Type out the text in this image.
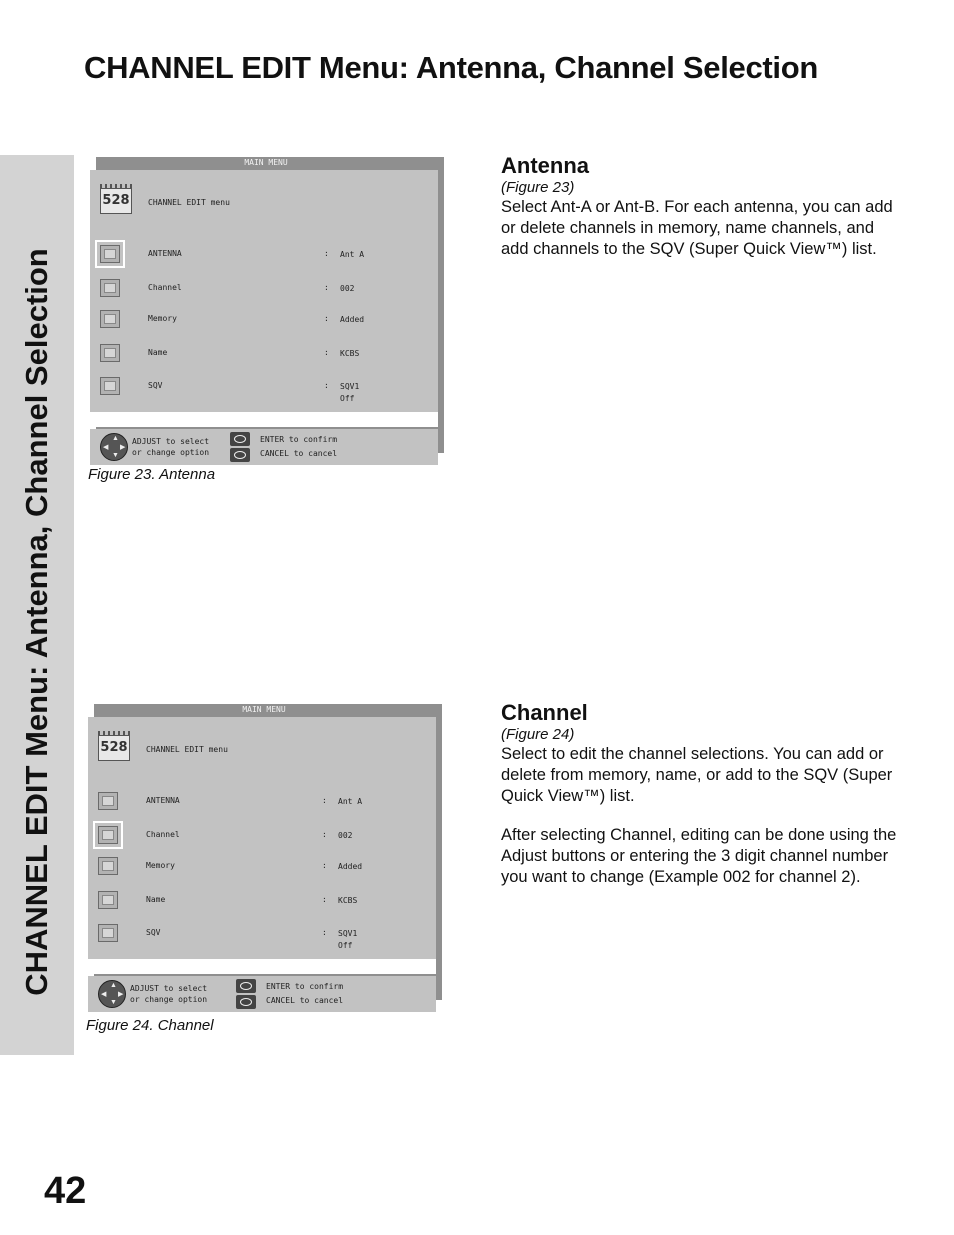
CHANNEL EDIT Menu: Antenna, Channel Selection
CHANNEL EDIT Menu: Antenna, Channel Selection
42
MAIN MENU
528	CHANNEL EDIT menu
ANTENNA	: Ant A
Channel	: 002
Memory	: Added
Name	: KCBS
SQV	: SQV1
Off
▲
▼
◀ ▶
ADJUST to select
or change option
ENTER to confirm
CANCEL to cancel
Figure 23. Antenna
MAIN MENU
528	CHANNEL EDIT menu
ANTENNA	: Ant A
Channel	: 002
Memory	: Added
Name	: KCBS
SQV	: SQV1
Off
▲
▼
◀ ▶
ADJUST to select
or change option
ENTER to confirm
CANCEL to cancel
Figure 24. Channel
Antenna
(Figure 23)

Select Ant-A or Ant-B. For each antenna, you can add or delete channels in memory, name channels, and add channels to the SQV (Super Quick View™) list.

Channel
(Figure 24)

Select to edit the channel selections. You can add or delete from memory, name, or add to the SQV (Super Quick View™) list.

After selecting Channel, editing can be done using the Adjust buttons or entering the 3 digit channel number you want to change (Example 002 for channel 2).
